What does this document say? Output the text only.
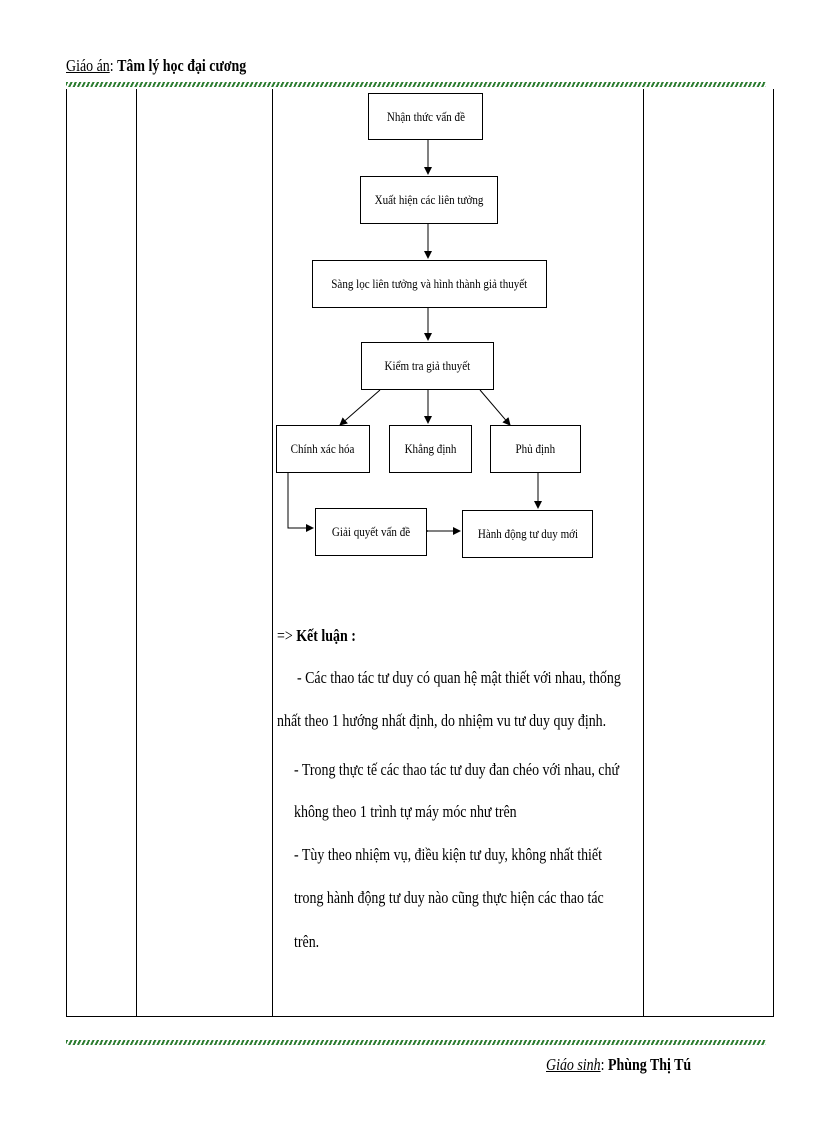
Giáo án: Tâm lý học đại cương
Nhận thức vấn đề
Xuất hiện các liên tưởng
Sàng lọc liên tưởng và hình thành giả thuyết
Kiểm tra giả thuyết
Chính xác hóa	Khẳng định	Phủ định
Giải quyết vấn đề	Hành động tư duy mới
=> Kết luận :
- Các thao tác tư duy có quan hệ mật thiết với nhau, thống
nhất theo 1 hướng nhất định, do nhiệm vu tư duy quy định.
- Trong thực tế các thao tác tư duy đan chéo với nhau, chứ
không theo 1 trình tự máy móc như trên
- Tùy theo nhiệm vụ, điều kiện tư duy, không nhất thiết
trong hành động tư duy nào cũng thực hiện các thao tác
trên.
Giáo sinh: Phùng Thị Tú
